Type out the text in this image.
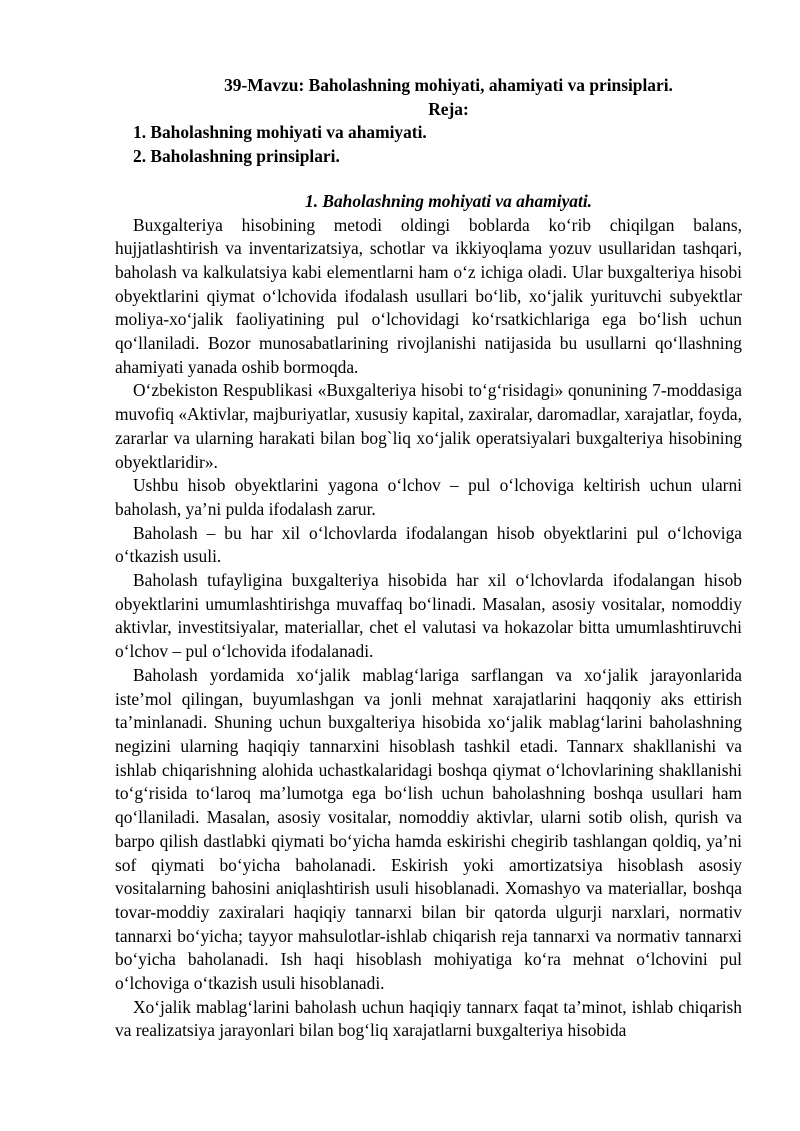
39-Mavzu: Baholashning mohiyati, ahamiyati va prinsiplari.

Reja:

1. Baholashning mohiyati va ahamiyati.

2. Baholashning prinsiplari.

1. Baholashning mohiyati va ahamiyati.

Buxgalteriya hisobining metodi oldingi boblarda ko‘rib chiqilgan balans, hujjatlashtirish va inventarizatsiya, schotlar va ikkiyoqlama yozuv usullaridan tashqari, baholash va kalkulatsiya kabi elementlarni ham o‘z ichiga oladi. Ular buxgalteriya hisobi obyektlarini qiymat o‘lchovida ifodalash usullari bo‘lib, xo‘jalik yurituvchi subyektlar moliya-xo‘jalik faoliyatining pul o‘lchovidagi ko‘rsatkichlariga ega bo‘lish uchun qo‘llaniladi. Bozor munosabatlarining rivojlanishi natijasida bu usullarni qo‘llashning ahamiyati yanada oshib bormoqda.

O‘zbekiston Respublikasi «Buxgalteriya hisobi to‘g‘risidagi» qonunining 7-moddasiga muvofiq «Aktivlar, majburiyatlar, xususiy kapital, zaxiralar, daromadlar, xarajatlar, foyda, zararlar va ularning harakati bilan bog`liq xo‘jalik operatsiyalari buxgalteriya hisobining obyektlaridir».

Ushbu hisob obyektlarini yagona o‘lchov – pul o‘lchoviga keltirish uchun ularni baholash, ya’ni pulda ifodalash zarur.

Baholash – bu har xil o‘lchovlarda ifodalangan hisob obyektlarini pul o‘lchoviga o‘tkazish usuli.

Baholash tufayligina buxgalteriya hisobida har xil o‘lchovlarda ifodalangan hisob obyektlarini umumlashtirishga muvaffaq bo‘linadi. Masalan, asosiy vositalar, nomoddiy aktivlar, investitsiyalar, materiallar, chet el valutasi va hokazolar bitta umumlashtiruvchi o‘lchov – pul o‘lchovida ifodalanadi.

Baholash yordamida xo‘jalik mablag‘lariga sarflangan va xo‘jalik jarayonlarida iste’mol qilingan, buyumlashgan va jonli mehnat xarajatlarini haqqoniy aks ettirish ta’minlanadi. Shuning uchun buxgalteriya hisobida xo‘jalik mablag‘larini baholashning negizini ularning haqiqiy tannarxini hisoblash tashkil etadi. Tannarx shakllanishi va ishlab chiqarishning alohida uchastkalaridagi boshqa qiymat o‘lchovlarining shakllanishi to‘g‘risida to‘laroq ma’lumotga ega bo‘lish uchun baholashning boshqa usullari ham qo‘llaniladi. Masalan, asosiy vositalar, nomoddiy aktivlar, ularni sotib olish, qurish va barpo qilish dastlabki qiymati bo‘yicha hamda eskirishi chegirib tashlangan qoldiq, ya’ni sof qiymati bo‘yicha baholanadi. Eskirish yoki amortizatsiya hisoblash asosiy vositalarning bahosini aniqlashtirish usuli hisoblanadi. Xomashyo va materiallar, boshqa tovar-moddiy zaxiralari haqiqiy tannarxi bilan bir qatorda ulgurji narxlari, normativ tannarxi bo‘yicha; tayyor mahsulotlar-ishlab chiqarish reja tannarxi va normativ tannarxi bo‘yicha baholanadi. Ish haqi hisoblash mohiyatiga ko‘ra mehnat o‘lchovini pul o‘lchoviga o‘tkazish usuli hisoblanadi.

Xo‘jalik mablag‘larini baholash uchun haqiqiy tannarx faqat ta’minot, ishlab chiqarish va realizatsiya jarayonlari bilan bog‘liq xarajatlarni buxgalteriya hisobida
